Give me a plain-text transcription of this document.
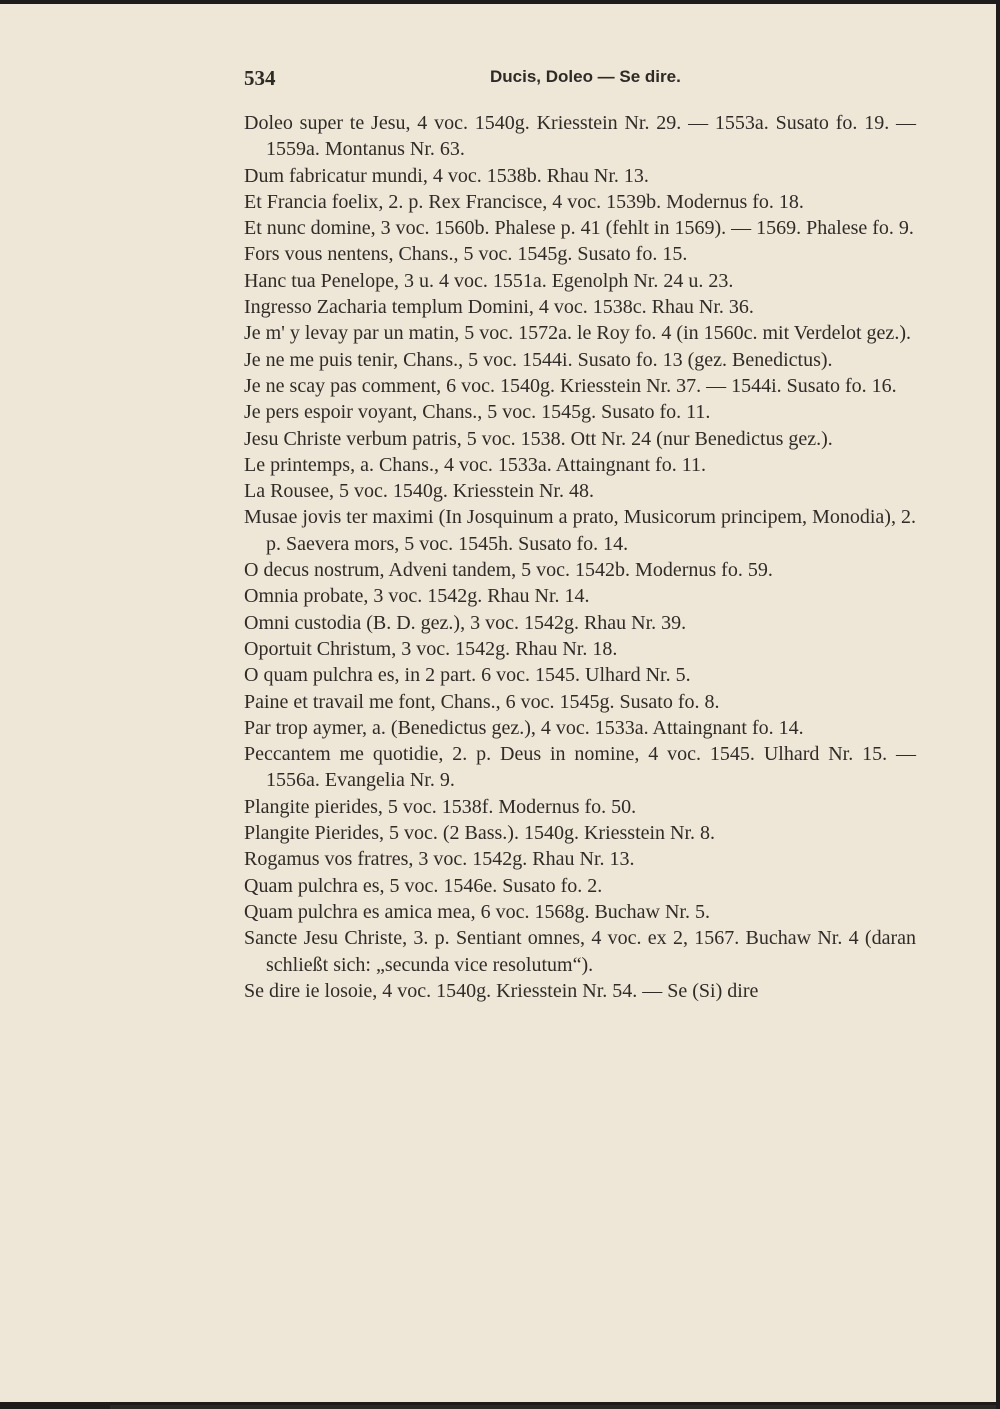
534	Ducis, Doleo — Se dire.
Doleo super te Jesu, 4 voc. 1540g. Kriesstein Nr. 29. — 1553a. Susato fo. 19. — 1559a. Montanus Nr. 63.
Dum fabricatur mundi, 4 voc. 1538b. Rhau Nr. 13.
Et Francia foelix, 2. p. Rex Francisce, 4 voc. 1539b. Modernus fo. 18.
Et nunc domine, 3 voc. 1560b. Phalese p. 41 (fehlt in 1569). — 1569. Phalese fo. 9.
Fors vous nentens, Chans., 5 voc. 1545g. Susato fo. 15.
Hanc tua Penelope, 3 u. 4 voc. 1551a. Egenolph Nr. 24 u. 23.
Ingresso Zacharia templum Domini, 4 voc. 1538c. Rhau Nr. 36.
Je m' y levay par un matin, 5 voc. 1572a. le Roy fo. 4 (in 1560c. mit Verdelot gez.).
Je ne me puis tenir, Chans., 5 voc. 1544i. Susato fo. 13 (gez. Benedictus).
Je ne scay pas comment, 6 voc. 1540g. Kriesstein Nr. 37. — 1544i. Susato fo. 16.
Je pers espoir voyant, Chans., 5 voc. 1545g. Susato fo. 11.
Jesu Christe verbum patris, 5 voc. 1538. Ott Nr. 24 (nur Benedictus gez.).
Le printemps, a. Chans., 4 voc. 1533a. Attaingnant fo. 11.
La Rousee, 5 voc. 1540g. Kriesstein Nr. 48.
Musae jovis ter maximi (In Josquinum a prato, Musicorum principem, Monodia), 2. p. Saevera mors, 5 voc. 1545h. Susato fo. 14.
O decus nostrum, Adveni tandem, 5 voc. 1542b. Modernus fo. 59.
Omnia probate, 3 voc. 1542g. Rhau Nr. 14.
Omni custodia (B. D. gez.), 3 voc. 1542g. Rhau Nr. 39.
Oportuit Christum, 3 voc. 1542g. Rhau Nr. 18.
O quam pulchra es, in 2 part. 6 voc. 1545. Ulhard Nr. 5.
Paine et travail me font, Chans., 6 voc. 1545g. Susato fo. 8.
Par trop aymer, a. (Benedictus gez.), 4 voc. 1533a. Attaingnant fo. 14.
Peccantem me quotidie, 2. p. Deus in nomine, 4 voc. 1545. Ulhard Nr. 15. — 1556a. Evangelia Nr. 9.
Plangite pierides, 5 voc. 1538f. Modernus fo. 50.
Plangite Pierides, 5 voc. (2 Bass.). 1540g. Kriesstein Nr. 8.
Rogamus vos fratres, 3 voc. 1542g. Rhau Nr. 13.
Quam pulchra es, 5 voc. 1546e. Susato fo. 2.
Quam pulchra es amica mea, 6 voc. 1568g. Buchaw Nr. 5.
Sancte Jesu Christe, 3. p. Sentiant omnes, 4 voc. ex 2, 1567. Buchaw Nr. 4 (daran schließt sich: „secunda vice resolutum“).
Se dire ie losoie, 4 voc. 1540g. Kriesstein Nr. 54. — Se (Si) dire
